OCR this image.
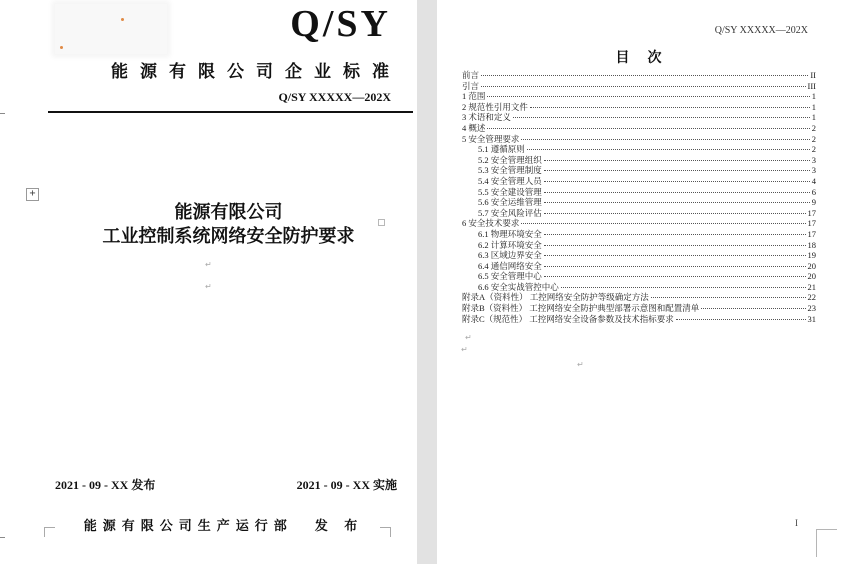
Q/SY
能源有限公司企业标准
Q/SY XXXXX—202X
+
能源有限公司
工业控制系统网络安全防护要求
↵
↵
2021 - 09 - XX 发布	2021 - 09 - XX 实施
能源有限公司生产运行部 发 布
Q/SY XXXXX—202X
目次
前言	II
引言	III
1 范围	1
2 规范性引用文件	1
3 术语和定义	1
4 概述	2
5 安全管理要求	2
5.1 遵循原则	2
5.2 安全管理组织	3
5.3 安全管理制度	3
5.4 安全管理人员	4
5.5 安全建设管理	6
5.6 安全运维管理	9
5.7 安全风险评估	17
6 安全技术要求	17
6.1 物理环境安全	17
6.2 计算环境安全	18
6.3 区域边界安全	19
6.4 通信网络安全	20
6.5 安全管理中心	20
6.6 安全实战管控中心	21
附录A（资料性） 工控网络安全防护等级确定方法	22
附录B（资料性） 工控网络安全防护典型部署示意图和配置清单	23
附录C（规范性） 工控网络安全设备参数及技术指标要求	31
↵
↵
↵
I
